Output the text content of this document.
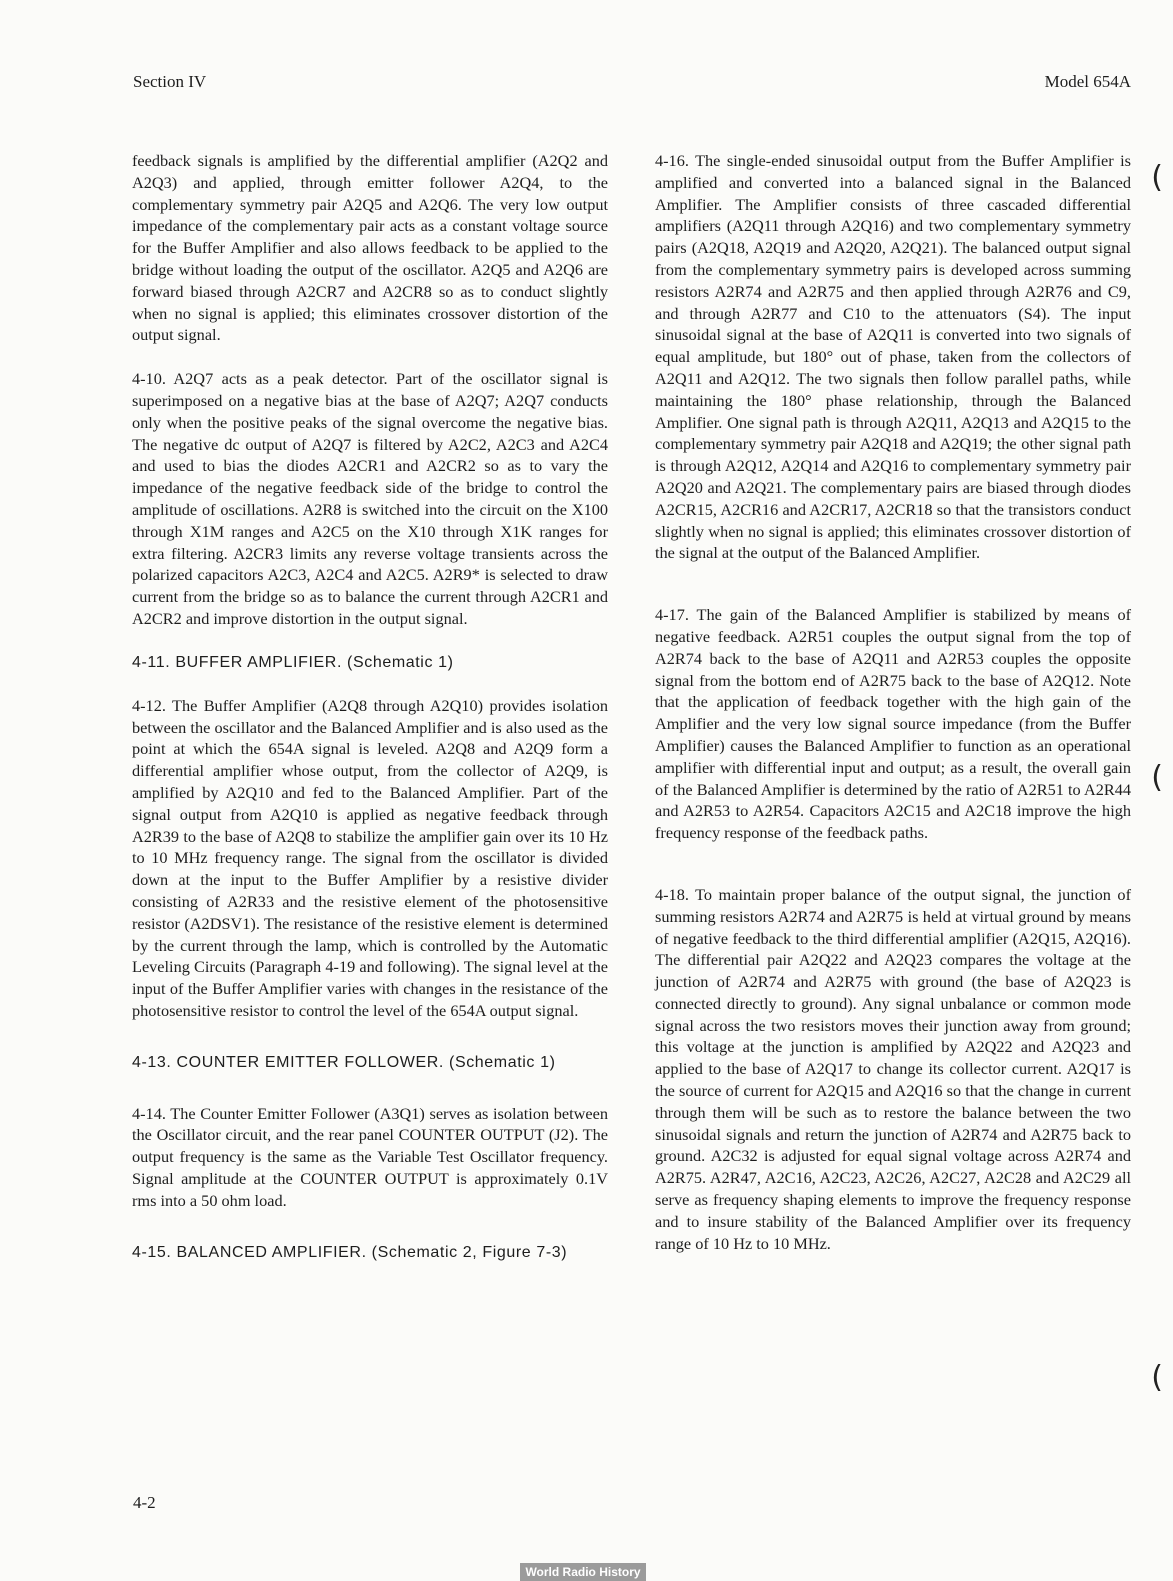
Section IV	Model 654A

feedback signals is amplified by the differential amplifier (A2Q2 and A2Q3) and applied, through emitter follower A2Q4, to the complementary symmetry pair A2Q5 and A2Q6. The very low output impedance of the complementary pair acts as a constant voltage source for the Buffer Amplifier and also allows feedback to be applied to the bridge without loading the output of the oscillator. A2Q5 and A2Q6 are forward biased through A2CR7 and A2CR8 so as to conduct slightly when no signal is applied; this eliminates crossover distortion of the output signal.

4-10. A2Q7 acts as a peak detector. Part of the oscillator signal is superimposed on a negative bias at the base of A2Q7; A2Q7 conducts only when the positive peaks of the signal overcome the negative bias. The negative dc output of A2Q7 is filtered by A2C2, A2C3 and A2C4 and used to bias the diodes A2CR1 and A2CR2 so as to vary the impedance of the negative feedback side of the bridge to control the amplitude of oscillations. A2R8 is switched into the circuit on the X100 through X1M ranges and A2C5 on the X10 through X1K ranges for extra filtering. A2CR3 limits any reverse voltage transients across the polarized capacitors A2C3, A2C4 and A2C5. A2R9* is selected to draw current from the bridge so as to balance the current through A2CR1 and A2CR2 and improve distortion in the output signal.

4-11. BUFFER AMPLIFIER. (Schematic 1)

4-12. The Buffer Amplifier (A2Q8 through A2Q10) provides isolation between the oscillator and the Balanced Amplifier and is also used as the point at which the 654A signal is leveled. A2Q8 and A2Q9 form a differential amplifier whose output, from the collector of A2Q9, is amplified by A2Q10 and fed to the Balanced Amplifier. Part of the signal output from A2Q10 is applied as negative feedback through A2R39 to the base of A2Q8 to stabilize the amplifier gain over its 10 Hz to 10 MHz frequency range. The signal from the oscillator is divided down at the input to the Buffer Amplifier by a resistive divider consisting of A2R33 and the resistive element of the photosensitive resistor (A2DSV1). The resistance of the resistive element is determined by the current through the lamp, which is controlled by the Automatic Leveling Circuits (Paragraph 4-19 and following). The signal level at the input of the Buffer Amplifier varies with changes in the resistance of the photosensitive resistor to control the level of the 654A output signal.

4-13. COUNTER EMITTER FOLLOWER. (Schematic 1)

4-14. The Counter Emitter Follower (A3Q1) serves as isolation between the Oscillator circuit, and the rear panel COUNTER OUTPUT (J2). The output frequency is the same as the Variable Test Oscillator frequency. Signal amplitude at the COUNTER OUTPUT is approximately 0.1V rms into a 50 ohm load.

4-15. BALANCED AMPLIFIER. (Schematic 2, Figure 7-3)

4-16. The single-ended sinusoidal output from the Buffer Amplifier is amplified and converted into a balanced signal in the Balanced Amplifier. The Amplifier consists of three cascaded differential amplifiers (A2Q11 through A2Q16) and two complementary symmetry pairs (A2Q18, A2Q19 and A2Q20, A2Q21). The balanced output signal from the complementary symmetry pairs is developed across summing resistors A2R74 and A2R75 and then applied through A2R76 and C9, and through A2R77 and C10 to the attenuators (S4). The input sinusoidal signal at the base of A2Q11 is converted into two signals of equal amplitude, but 180° out of phase, taken from the collectors of A2Q11 and A2Q12. The two signals then follow parallel paths, while maintaining the 180° phase relationship, through the Balanced Amplifier. One signal path is through A2Q11, A2Q13 and A2Q15 to the complementary symmetry pair A2Q18 and A2Q19; the other signal path is through A2Q12, A2Q14 and A2Q16 to complementary symmetry pair A2Q20 and A2Q21. The complementary pairs are biased through diodes A2CR15, A2CR16 and A2CR17, A2CR18 so that the transistors conduct slightly when no signal is applied; this eliminates crossover distortion of the signal at the output of the Balanced Amplifier.

4-17. The gain of the Balanced Amplifier is stabilized by means of negative feedback. A2R51 couples the output signal from the top of A2R74 back to the base of A2Q11 and A2R53 couples the opposite signal from the bottom end of A2R75 back to the base of A2Q12. Note that the application of feedback together with the high gain of the Amplifier and the very low signal source impedance (from the Buffer Amplifier) causes the Balanced Amplifier to function as an operational amplifier with differential input and output; as a result, the overall gain of the Balanced Amplifier is determined by the ratio of A2R51 to A2R44 and A2R53 to A2R54. Capacitors A2C15 and A2C18 improve the high frequency response of the feedback paths.

4-18. To maintain proper balance of the output signal, the junction of summing resistors A2R74 and A2R75 is held at virtual ground by means of negative feedback to the third differential amplifier (A2Q15, A2Q16). The differential pair A2Q22 and A2Q23 compares the voltage at the junction of A2R74 and A2R75 with ground (the base of A2Q23 is connected directly to ground). Any signal unbalance or common mode signal across the two resistors moves their junction away from ground; this voltage at the junction is amplified by A2Q22 and A2Q23 and applied to the base of A2Q17 to change its collector current. A2Q17 is the source of current for A2Q15 and A2Q16 so that the change in current through them will be such as to restore the balance between the two sinusoidal signals and return the junction of A2R74 and A2R75 back to ground. A2C32 is adjusted for equal signal voltage across A2R74 and A2R75. A2R47, A2C16, A2C23, A2C26, A2C27, A2C28 and A2C29 all serve as frequency shaping elements to improve the frequency response and to insure stability of the Balanced Amplifier over its frequency range of 10 Hz to 10 MHz.

(
(
(
4-2
World Radio History
